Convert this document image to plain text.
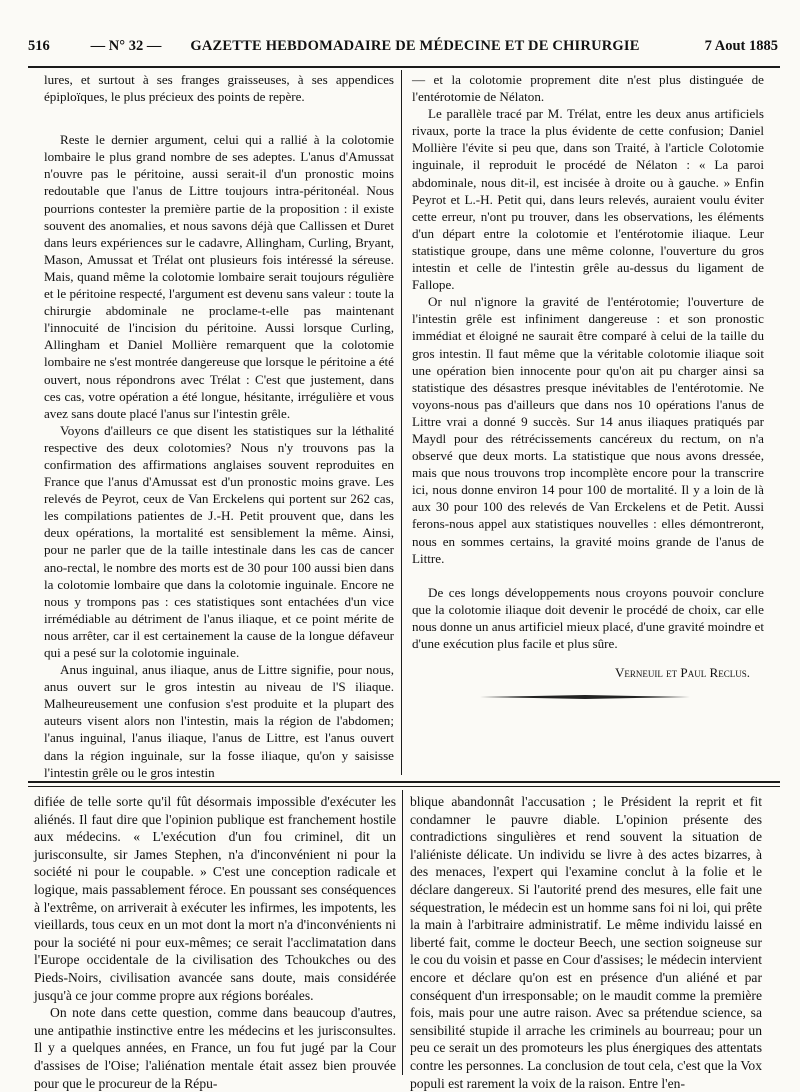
516	— N° 32 —	GAZETTE HEBDOMADAIRE DE MÉDECINE ET DE CHIRURGIE	7 Aout 1885

lures, et surtout à ses franges graisseuses, à ses appendices épiploïques, le plus précieux des points de repère.

Reste le dernier argument, celui qui a rallié à la colotomie lombaire le plus grand nombre de ses adeptes. L'anus d'Amussat n'ouvre pas le péritoine, aussi serait-il d'un pronostic moins redoutable que l'anus de Littre toujours intra-péritonéal. Nous pourrions contester la première partie de la proposition : il existe souvent des anomalies, et nous savons déjà que Callissen et Duret dans leurs expériences sur le cadavre, Allingham, Curling, Bryant, Mason, Amussat et Trélat ont plusieurs fois intéressé la séreuse. Mais, quand même la colotomie lombaire serait toujours régulière et le péritoine respecté, l'argument est devenu sans valeur : toute la chirurgie abdominale ne proclame-t-elle pas maintenant l'innocuité de l'incision du péritoine. Aussi lorsque Curling, Allingham et Daniel Mollière remarquent que la colotomie lombaire ne s'est montrée dangereuse que lorsque le péritoine a été ouvert, nous répondrons avec Trélat : C'est que justement, dans ces cas, votre opération a été longue, hésitante, irrégulière et vous avez sans doute placé l'anus sur l'intestin grêle.

Voyons d'ailleurs ce que disent les statistiques sur la léthalité respective des deux colotomies? Nous n'y trouvons pas la confirmation des affirmations anglaises souvent reproduites en France que l'anus d'Amussat est d'un pronostic moins grave. Les relevés de Peyrot, ceux de Van Erckelens qui portent sur 262 cas, les compilations patientes de J.-H. Petit prouvent que, dans les deux opérations, la mortalité est sensiblement la même. Ainsi, pour ne parler que de la taille intestinale dans les cas de cancer ano-rectal, le nombre des morts est de 30 pour 100 aussi bien dans la colotomie lombaire que dans la colotomie inguinale. Encore ne nous y trompons pas : ces statistiques sont entachées d'un vice irrémédiable au détriment de l'anus iliaque, et ce point mérite de nous arrêter, car il est certainement la cause de la longue défaveur qui a pesé sur la colotomie inguinale.

Anus inguinal, anus iliaque, anus de Littre signifie, pour nous, anus ouvert sur le gros intestin au niveau de l'S iliaque. Malheureusement une confusion s'est produite et la plupart des auteurs visent alors non l'intestin, mais la région de l'abdomen; l'anus inguinal, l'anus iliaque, l'anus de Littre, est l'anus ouvert dans la région inguinale, sur la fosse iliaque, qu'on y saisisse l'intestin grêle ou le gros intestin

— et la colotomie proprement dite n'est plus distinguée de l'entérotomie de Nélaton.

Le parallèle tracé par M. Trélat, entre les deux anus artificiels rivaux, porte la trace la plus évidente de cette confusion; Daniel Mollière l'évite si peu que, dans son Traité, à l'article Colotomie inguinale, il reproduit le procédé de Nélaton : « La paroi abdominale, nous dit-il, est incisée à droite ou à gauche. » Enfin Peyrot et L.-H. Petit qui, dans leurs relevés, auraient voulu éviter cette erreur, n'ont pu trouver, dans les observations, les éléments d'un départ entre la colotomie et l'entérotomie iliaque. Leur statistique groupe, dans une même colonne, l'ouverture du gros intestin et celle de l'intestin grêle au-dessus du ligament de Fallope.

Or nul n'ignore la gravité de l'entérotomie; l'ouverture de l'intestin grêle est infiniment dangereuse : et son pronostic immédiat et éloigné ne saurait être comparé à celui de la taille du gros intestin. Il faut même que la véritable colotomie iliaque soit une opération bien innocente pour qu'on ait pu charger ainsi sa statistique des désastres presque inévitables de l'entérotomie. Ne voyons-nous pas d'ailleurs que dans nos 10 opérations l'anus de Littre vrai a donné 9 succès. Sur 14 anus iliaques pratiqués par Maydl pour des rétrécissements cancéreux du rectum, on n'a observé que deux morts. La statistique que nous avons dressée, mais que nous trouvons trop incomplète encore pour la transcrire ici, nous donne environ 14 pour 100 de mortalité. Il y a loin de là aux 30 pour 100 des relevés de Van Erckelens et de Petit. Aussi ferons-nous appel aux statistiques nouvelles : elles démontreront, nous en sommes certains, la gravité moins grande de l'anus de Littre.

De ces longs développements nous croyons pouvoir conclure que la colotomie iliaque doit devenir le procédé de choix, car elle nous donne un anus artificiel mieux placé, d'une gravité moindre et d'une exécution plus facile et plus sûre.

Verneuil et Paul Reclus.

difiée de telle sorte qu'il fût désormais impossible d'exécuter les aliénés. Il faut dire que l'opinion publique est franchement hostile aux médecins. « L'exécution d'un fou criminel, dit un jurisconsulte, sir James Stephen, n'a d'inconvénient ni pour la société ni pour le coupable. » C'est une conception radicale et logique, mais passablement féroce. En poussant ses conséquences à l'extrême, on arriverait à exécuter les infirmes, les impotents, les vieillards, tous ceux en un mot dont la mort n'a d'inconvénients ni pour la société ni pour eux-mêmes; ce serait l'acclimatation dans l'Europe occidentale de la civilisation des Tchoukches ou des Pieds-Noirs, civilisation avancée sans doute, mais considérée jusqu'à ce jour comme propre aux régions boréales.

On note dans cette question, comme dans beaucoup d'autres, une antipathie instinctive entre les médecins et les jurisconsultes. Il y a quelques années, en France, un fou fut jugé par la Cour d'assises de l'Oise; l'aliénation mentale était assez bien prouvée pour que le procureur de la Répu-

blique abandonnât l'accusation ; le Président la reprit et fit condamner le pauvre diable. L'opinion présente des contradictions singulières et rend souvent la situation de l'aliéniste délicate. Un individu se livre à des actes bizarres, à des menaces, l'expert qui l'examine conclut à la folie et le déclare dangereux. Si l'autorité prend des mesures, elle fait une séquestration, le médecin est un homme sans foi ni loi, qui prête la main à l'arbitraire administratif. Le même individu laissé en liberté fait, comme le docteur Beech, une section soigneuse sur le cou du voisin et passe en Cour d'assises; le médecin intervient encore et déclare qu'on est en présence d'un aliéné et par conséquent d'un irresponsable; on le maudit comme la première fois, mais pour une autre raison. Avec sa prétendue science, sa sensibilité stupide il arrache les criminels au bourreau; pour un peu ce serait un des promoteurs les plus énergiques des attentats contre les personnes. La conclusion de tout cela, c'est que la Vox populi est rarement la voix de la raison. Entre l'en-
